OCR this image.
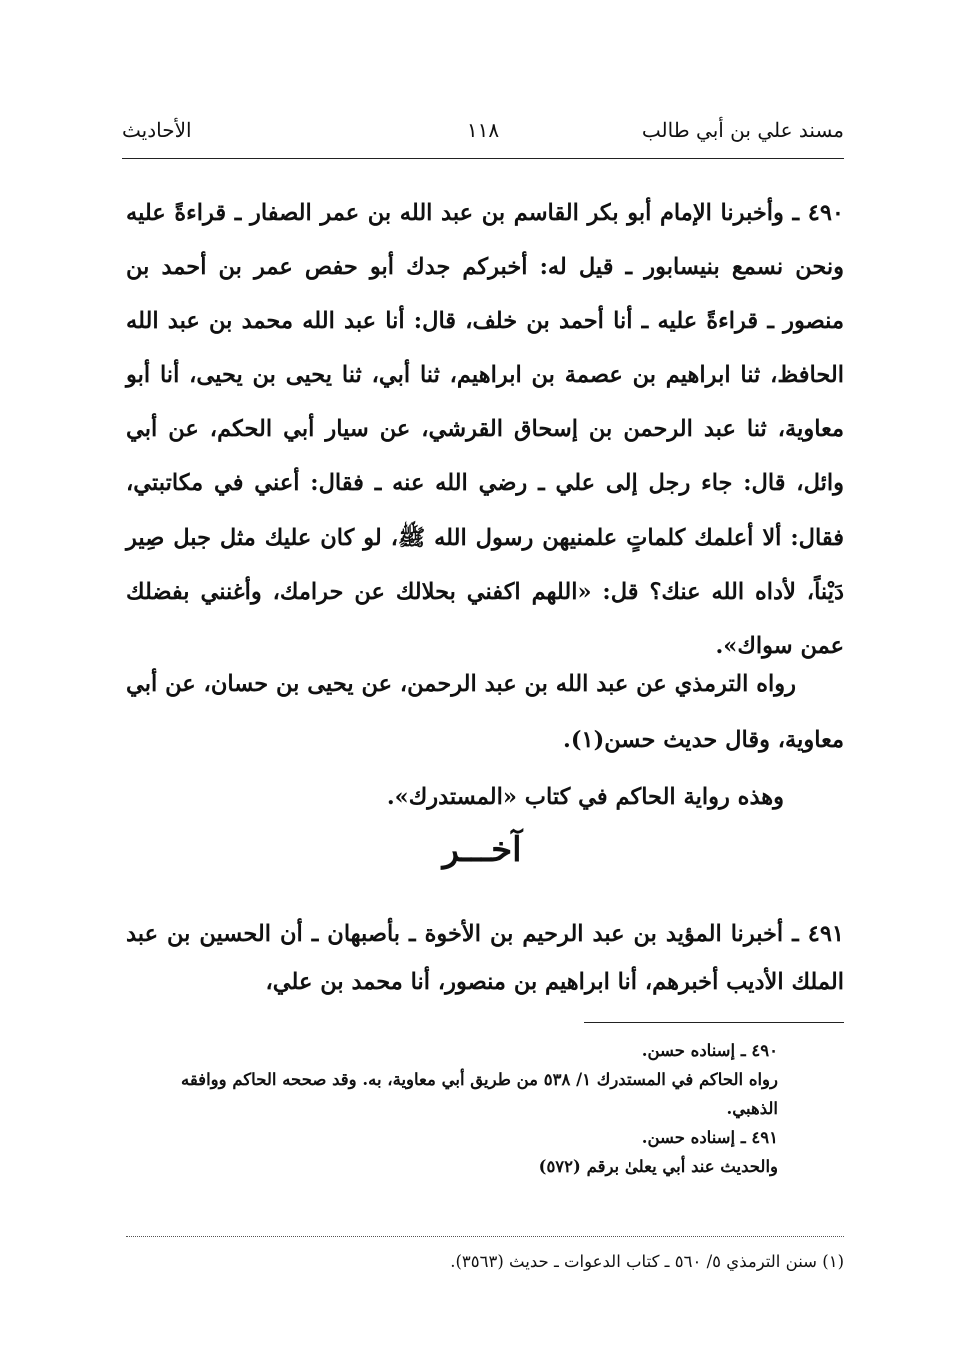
مسند علي بن أبي طالب
١١٨
الأحاديث
٤٩٠ ـ وأخبرنا الإمام أبو بكر القاسم بن عبد الله بن عمر الصفار ـ قراءةً عليه ونحن نسمع بنيسابور ـ قيل له: أخبركم جدك أبو حفص عمر بن أحمد بن منصور ـ قراءةً عليه ـ أنا أحمد بن خلف، قال: أنا عبد الله محمد بن عبد الله الحافظ، ثنا ابراهيم بن عصمة بن ابراهيم، ثنا أبي، ثنا يحيى بن يحيى، أنا أبو معاوية، ثنا عبد الرحمن بن إسحاق القرشي، عن سيار أبي الحكم، عن أبي وائل، قال: جاء رجل إلى علي ـ رضي الله عنه ـ فقال: أعني في مكاتبتي، فقال: ألا أعلمك كلماتٍ علمنيهن رسول الله ﷺ، لو كان عليك مثل جبل صِير دَيْناً، لأداه الله عنك؟ قل: «اللهم اكفني بحلالك عن حرامك، وأغنني بفضلك عمن سواك».
رواه الترمذي عن عبد الله بن عبد الرحمن، عن يحيى بن حسان، عن أبي معاوية، وقال حديث حسن(١).
وهذه رواية الحاكم في كتاب «المستدرك».
آخـــر
٤٩١ ـ أخبرنا المؤيد بن عبد الرحيم بن الأخوة ـ بأصبهان ـ أن الحسين بن عبد الملك الأديب أخبرهم، أنا ابراهيم بن منصور، أنا محمد بن علي،

٤٩٠ ـ إسناده حسن.

رواه الحاكم في المستدرك ١/ ٥٣٨ من طريق أبي معاوية، به. وقد صححه الحاكم ووافقه الذهبي.

٤٩١ ـ إسناده حسن.

والحديث عند أبي يعلىٰ برقم (٥٧٢)

(١) سنن الترمذي ٥/ ٥٦٠ ـ كتاب الدعوات ـ حديث (٣٥٦٣).
